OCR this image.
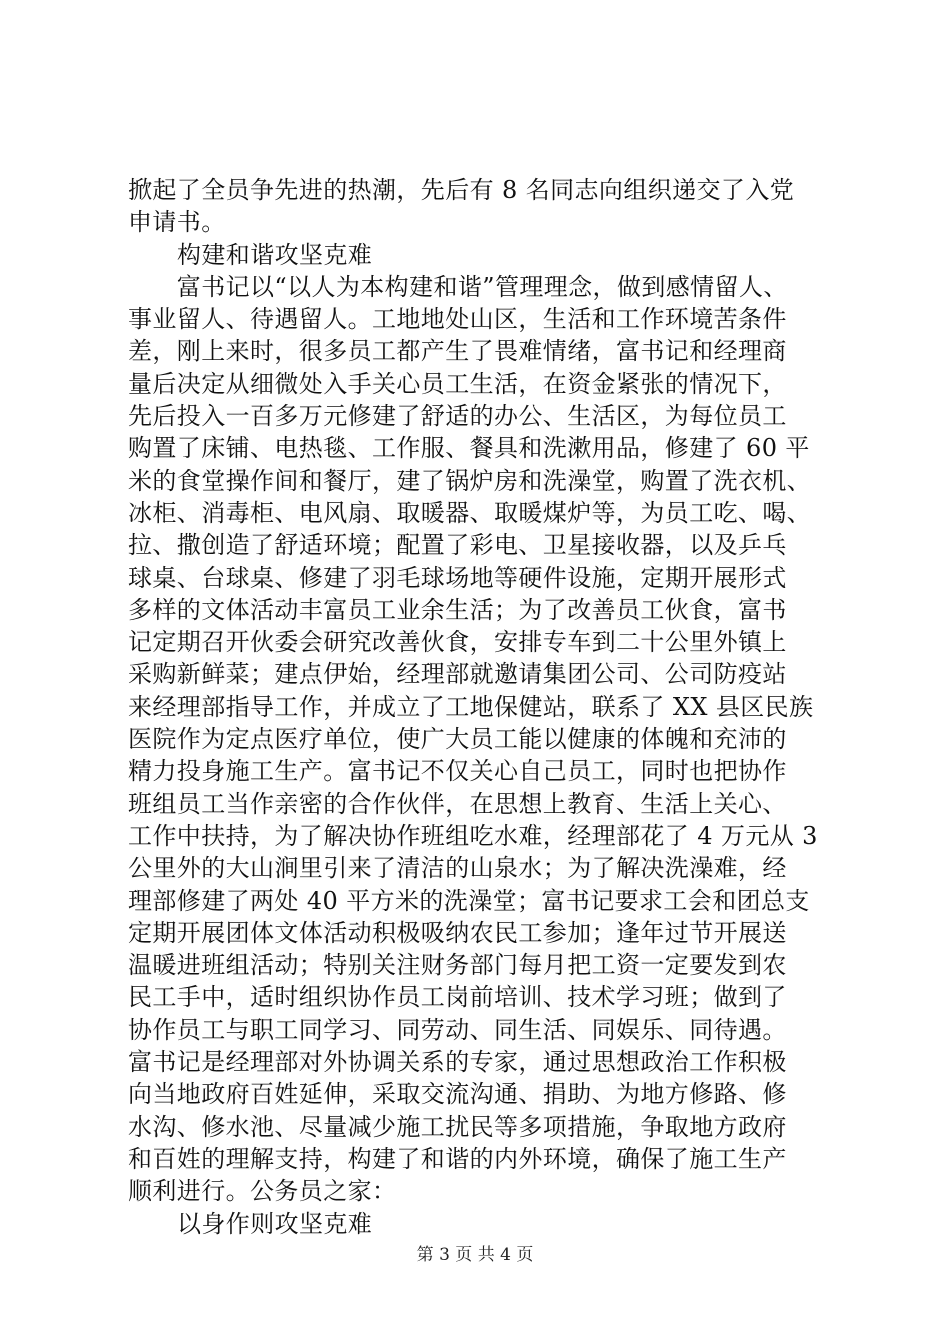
掀起了全员争先进的热潮，先后有 8 名同志向组织递交了入党
申请书。
构建和谐攻坚克难
　　富书记以“以人为本构建和谐”管理理念，做到感情留人、
事业留人、待遇留人。工地地处山区，生活和工作环境苦条件
差，刚上来时，很多员工都产生了畏难情绪，富书记和经理商
量后决定从细微处入手关心员工生活，在资金紧张的情况下，
先后投入一百多万元修建了舒适的办公、生活区，为每位员工
购置了床铺、电热毯、工作服、餐具和洗漱用品，修建了 60 平
米的食堂操作间和餐厅，建了锅炉房和洗澡堂，购置了洗衣机、
冰柜、消毒柜、电风扇、取暖器、取暖煤炉等，为员工吃、喝、
拉、撒创造了舒适环境；配置了彩电、卫星接收器，以及乒乓
球桌、台球桌、修建了羽毛球场地等硬件设施，定期开展形式
多样的文体活动丰富员工业余生活；为了改善员工伙食，富书
记定期召开伙委会研究改善伙食，安排专车到二十公里外镇上
采购新鲜菜；建点伊始，经理部就邀请集团公司、公司防疫站
来经理部指导工作，并成立了工地保健站，联系了 XX 县区民族
医院作为定点医疗单位，使广大员工能以健康的体魄和充沛的
精力投身施工生产。富书记不仅关心自己员工，同时也把协作
班组员工当作亲密的合作伙伴，在思想上教育、生活上关心、
工作中扶持，为了解决协作班组吃水难，经理部花了 4 万元从 3
公里外的大山涧里引来了清洁的山泉水；为了解决洗澡难，经
理部修建了两处 40 平方米的洗澡堂；富书记要求工会和团总支
定期开展团体文体活动积极吸纳农民工参加；逢年过节开展送
温暖进班组活动；特别关注财务部门每月把工资一定要发到农
民工手中，适时组织协作员工岗前培训、技术学习班；做到了
协作员工与职工同学习、同劳动、同生活、同娱乐、同待遇。
富书记是经理部对外协调关系的专家，通过思想政治工作积极
向当地政府百姓延伸，采取交流沟通、捐助、为地方修路、修
水沟、修水池、尽量减少施工扰民等多项措施，争取地方政府
和百姓的理解支持，构建了和谐的内外环境，确保了施工生产
顺利进行。公务员之家：
以身作则攻坚克难
第 3 页 共 4 页
